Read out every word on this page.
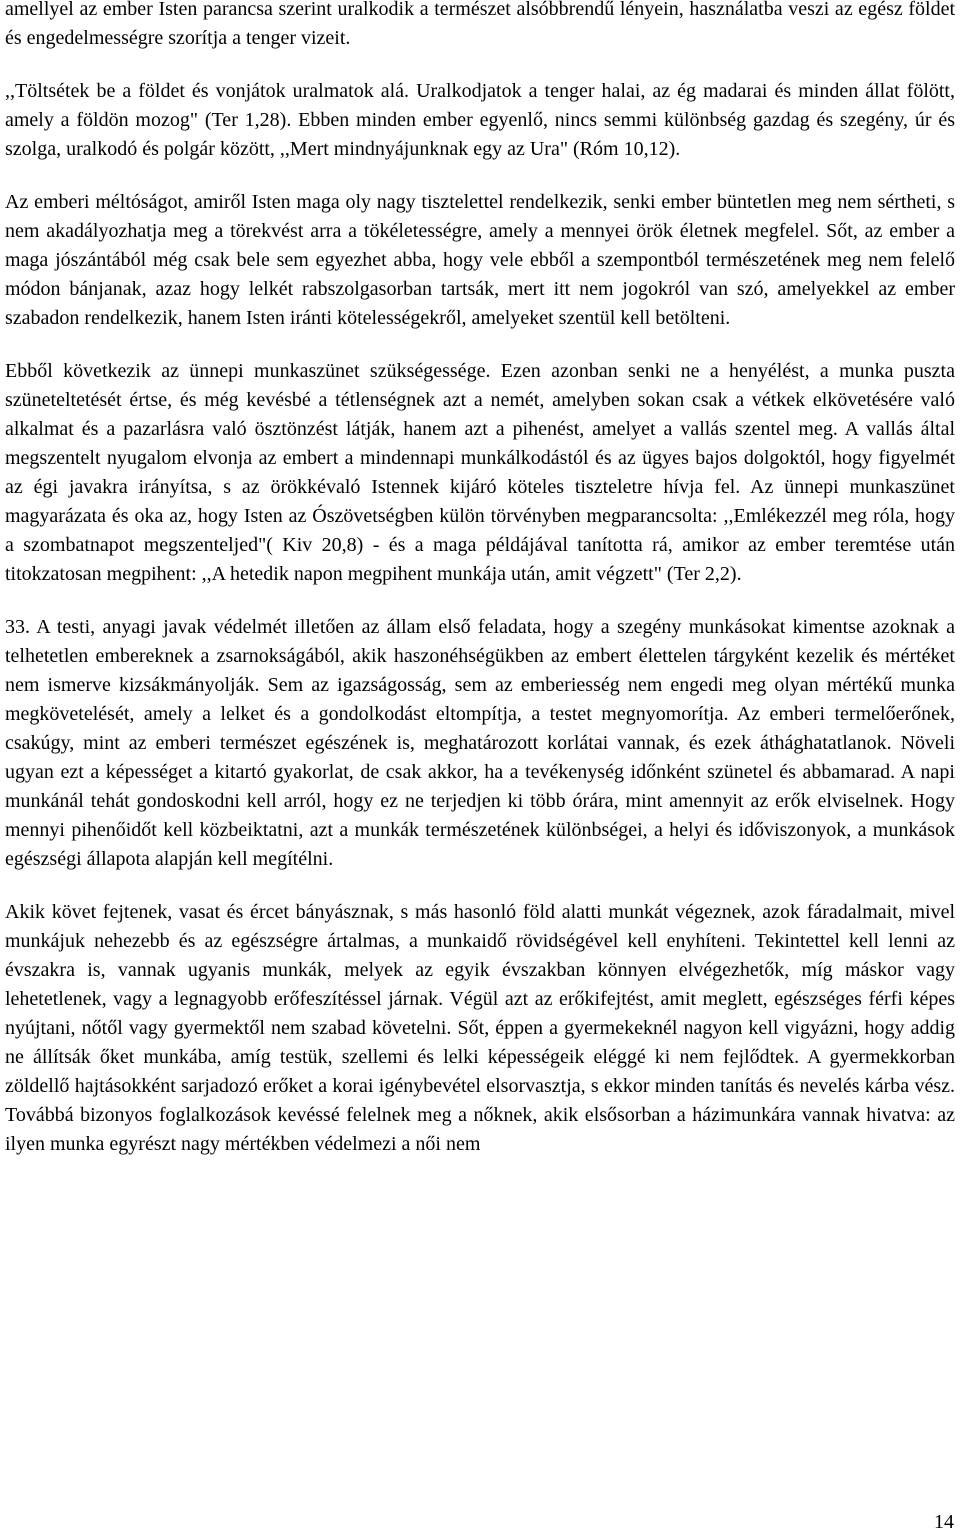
amellyel az ember Isten parancsa szerint uralkodik a természet alsóbbrendű lényein, használatba veszi az egész földet és engedelmességre szorítja a tenger vizeit.

,,Töltsétek be a földet és vonjátok uralmatok alá. Uralkodjatok a tenger halai, az ég madarai és minden állat fölött, amely a földön mozog" (Ter 1,28). Ebben minden ember egyenlő, nincs semmi különbség gazdag és szegény, úr és szolga, uralkodó és polgár között, ,,Mert mindnyájunknak egy az Ura" (Róm 10,12).

Az emberi méltóságot, amiről Isten maga oly nagy tisztelettel rendelkezik, senki ember büntetlen meg nem sértheti, s nem akadályozhatja meg a törekvést arra a tökéletességre, amely a mennyei örök életnek megfelel. Sőt, az ember a maga jószántából még csak bele sem egyezhet abba, hogy vele ebből a szempontból természetének meg nem felelő módon bánjanak, azaz hogy lelkét rabszolgasorban tartsák, mert itt nem jogokról van szó, amelyekkel az ember szabadon rendelkezik, hanem Isten iránti kötelességekről, amelyeket szentül kell betölteni.

Ebből következik az ünnepi munkaszünet szükségessége. Ezen azonban senki ne a henyélést, a munka puszta szüneteltetését értse, és még kevésbé a tétlenségnek azt a nemét, amelyben sokan csak a vétkek elkövetésére való alkalmat és a pazarlásra való ösztönzést látják, hanem azt a pihenést, amelyet a vallás szentel meg. A vallás által megszentelt nyugalom elvonja az embert a mindennapi munkálkodástól és az ügyes bajos dolgoktól, hogy figyelmét az égi javakra irányítsa, s az örökkévaló Istennek kijáró köteles tiszteletre hívja fel. Az ünnepi munkaszünet magyarázata és oka az, hogy Isten az Ószövetségben külön törvényben megparancsolta: ,,Emlékezzél meg róla, hogy a szombatnapot megszenteljed"( Kiv 20,8) - és a maga példájával tanította rá, amikor az ember teremtése után titokzatosan megpihent: ,,A hetedik napon megpihent munkája után, amit végzett" (Ter 2,2).

33. A testi, anyagi javak védelmét illetően az állam első feladata, hogy a szegény munkásokat kimentse azoknak a telhetetlen embereknek a zsarnokságából, akik haszonéhségükben az embert élettelen tárgyként kezelik és mértéket nem ismerve kizsákmányolják. Sem az igazságosság, sem az emberiesség nem engedi meg olyan mértékű munka megkövetelését, amely a lelket és a gondolkodást eltompítja, a testet megnyomorítja. Az emberi termelőerőnek, csakúgy, mint az emberi természet egészének is, meghatározott korlátai vannak, és ezek áthághatatlanok. Növeli ugyan ezt a képességet a kitartó gyakorlat, de csak akkor, ha a tevékenység időnként szünetel és abbamarad. A napi munkánál tehát gondoskodni kell arról, hogy ez ne terjedjen ki több órára, mint amennyit az erők elviselnek. Hogy mennyi pihenőidőt kell közbeiktatni, azt a munkák természetének különbségei, a helyi és időviszonyok, a munkások egészségi állapota alapján kell megítélni.

Akik követ fejtenek, vasat és ércet bányásznak, s más hasonló föld alatti munkát végeznek, azok fáradalmait, mivel munkájuk nehezebb és az egészségre ártalmas, a munkaidő rövidségével kell enyhíteni. Tekintettel kell lenni az évszakra is, vannak ugyanis munkák, melyek az egyik évszakban könnyen elvégezhetők, míg máskor vagy lehetetlenek, vagy a legnagyobb erőfeszítéssel járnak. Végül azt az erőkifejtést, amit meglett, egészséges férfi képes nyújtani, nőtől vagy gyermektől nem szabad követelni. Sőt, éppen a gyermekeknél nagyon kell vigyázni, hogy addig ne állítsák őket munkába, amíg testük, szellemi és lelki képességeik eléggé ki nem fejlődtek. A gyermekkorban zöldellő hajtásokként sarjadozó erőket a korai igénybevétel elsorvasztja, s ekkor minden tanítás és nevelés kárba vész. Továbbá bizonyos foglalkozások kevéssé felelnek meg a nőknek, akik elsősorban a házimunkára vannak hivatva: az ilyen munka egyrészt nagy mértékben védelmezi a női nem

14
